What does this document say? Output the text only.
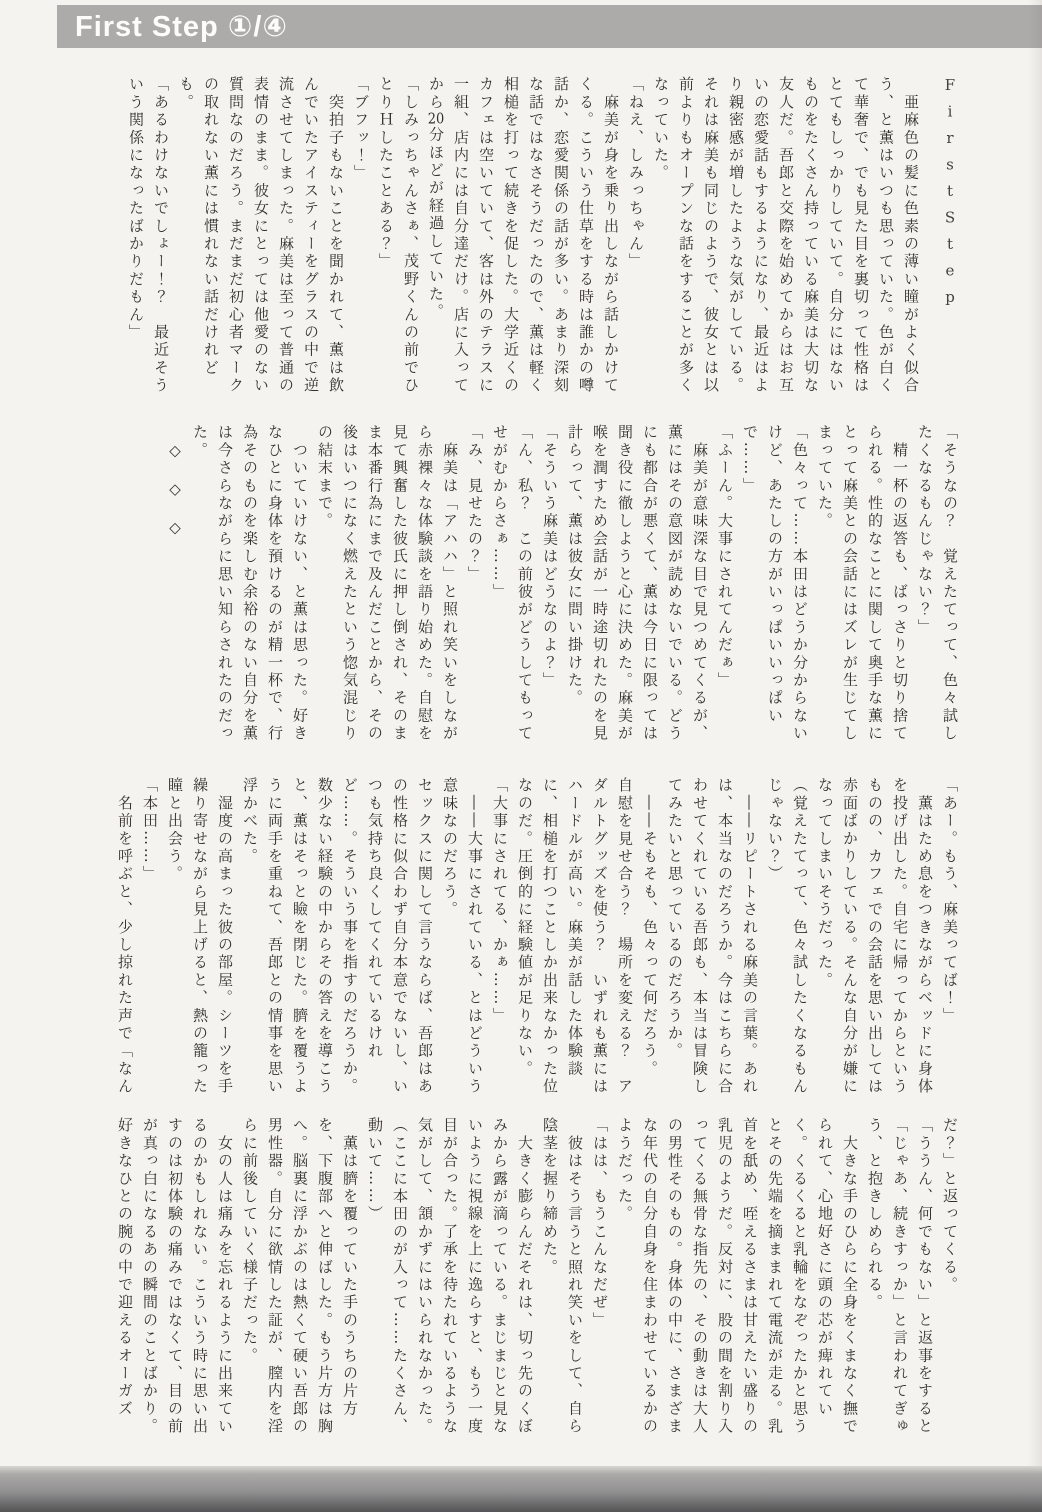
First Step ①/④
FirstStep

　亜麻色の髪に色素の薄い瞳がよく似合う、と薫はいつも思っていた。色が白くて華奢で、でも見た目を裏切って性格はとてもしっかりしていて。自分にはないものをたくさん持っている麻美は大切な友人だ。吾郎と交際を始めてからはお互いの恋愛話もするようになり、最近はより親密感が増したような気がしている。それは麻美も同じのようで、彼女とは以前よりもオープンな話をすることが多くなっていた。

「ねえ、しみっちゃん」

　麻美が身を乗り出しながら話しかけてくる。こういう仕草をする時は誰かの噂話か、恋愛関係の話が多い。あまり深刻な話ではなさそうだったので、薫は軽く相槌を打って続きを促した。大学近くのカフェは空いていて、客は外のテラスに一組、店内には自分達だけ。店に入ってから20分ほどが経過していた。

「しみっちゃんさぁ、茂野くんの前でひとりＨしたことある？」

「ブフッ！」

　突拍子もないことを聞かれて、薫は飲んでいたアイスティーをグラスの中で逆流させてしまった。麻美は至って普通の表情のまま。彼女にとっては他愛のない質問なのだろう。まだまだ初心者マークの取れない薫には慣れない話だけれども。

「あるわけないでしょー！？　最近そういう関係になったばかりだもん」

「そうなの？　覚えたてって、色々試したくなるもんじゃない？」

　精一杯の返答も、ばっさりと切り捨てられる。性的なことに関して奥手な薫にとって麻美との会話にはズレが生じてしまっていた。

「色々って……本田はどうか分からないけど、あたしの方がいっぱいいっぱいで……」

「ふーん。大事にされてんだぁ」

　麻美が意味深な目で見つめてくるが、薫にはその意図が読めないでいる。どうにも都合が悪くて、薫は今日に限っては聞き役に徹しようと心に決めた。麻美が喉を潤すため会話が一時途切れたのを見計らって、薫は彼女に問い掛けた。

「そういう麻美はどうなのよ？」

「ん、私？　この前彼がどうしてもってせがむからさぁ……」

「み、見せたの？」

　麻美は「アハハ」と照れ笑いをしながら赤裸々な体験談を語り始めた。自慰を見て興奮した彼氏に押し倒され、そのまま本番行為にまで及んだことから、その後はいつになく燃えたという惚気混じりの結末まで。

　ついていけない、と薫は思った。好きなひとに身体を預けるのが精一杯で、行為そのものを楽しむ余裕のない自分を薫は今さらながらに思い知らされたのだった。

　◇　◇　◇

「あー。もう、麻美ってば！」

　薫はため息をつきながらベッドに身体を投げ出した。自宅に帰ってからというものの、カフェでの会話を思い出しては赤面ばかりしている。そんな自分が嫌になってしまいそうだった。

（覚えたてって、色々試したくなるもんじゃない？）

　――リピートされる麻美の言葉。あれは、本当なのだろうか。今はこちらに合わせてくれている吾郎も、本当は冒険してみたいと思っているのだろうか。

　――そもそも、色々って何だろう。

自慰を見せ合う？　場所を変える？　アダルトグッズを使う？　いずれも薫にはハードルが高い。麻美が話した体験談に、相槌を打つことしか出来なかった位なのだ。圧倒的に経験値が足りない。

「大事にされてる、かぁ……」

　――大事にされている、とはどういう意味なのだろう。

セックスに関して言うならば、吾郎はあの性格に似合わず自分本意でないし、いつも気持ち良くしてくれているけれど……。そういう事を指すのだろうか。

数少ない経験の中からその答えを導こうと、薫はそっと瞼を閉じた。臍を覆うように両手を重ねて、吾郎との情事を思い浮かべた。

　湿度の高まった彼の部屋。シーツを手繰り寄せながら見上げると、熱の籠った瞳と出会う。

「本田……」

　名前を呼ぶと、少し掠れた声で「なん

だ？」と返ってくる。

「ううん、何でもない」と返事をすると「じゃあ、続きすっか」と言われてぎゅう、と抱きしめられる。

　大きな手のひらに全身をくまなく撫でられて、心地好さに頭の芯が痺れていく。くるくると乳輪をなぞったかと思うとその先端を摘ままれて電流が走る。乳首を舐め、咥えるさまは甘えたい盛りの乳児のようだ。反対に、股の間を割り入ってくる無骨な指先の、その動きは大人の男性そのもの。身体の中に、さまざまな年代の自分自身を住まわせているかのようだった。

「はは、もうこんなだぜ」

　彼はそう言うと照れ笑いをして、自ら陰茎を握り締めた。

　大きく膨らんだそれは、切っ先のくぼみから露が滴っている。まじまじと見ないように視線を上に逸らすと、もう一度目が合った。了承を待たれているような気がして、頷かずにはいられなかった。

（ここに本田のが入って……たくさん、動いて……）

　薫は臍を覆っていた手のうちの片方を、下腹部へと伸ばした。もう片方は胸へ。脳裏に浮かぶのは熱くて硬い吾郎の男性器。自分に欲情した証が、膣内を淫らに前後していく様子だった。

　女の人は痛みを忘れるように出来ているのかもしれない。こういう時に思い出すのは初体験の痛みではなくて、目の前が真っ白になるあの瞬間のことばかり。好きなひとの腕の中で迎えるオーガズ
